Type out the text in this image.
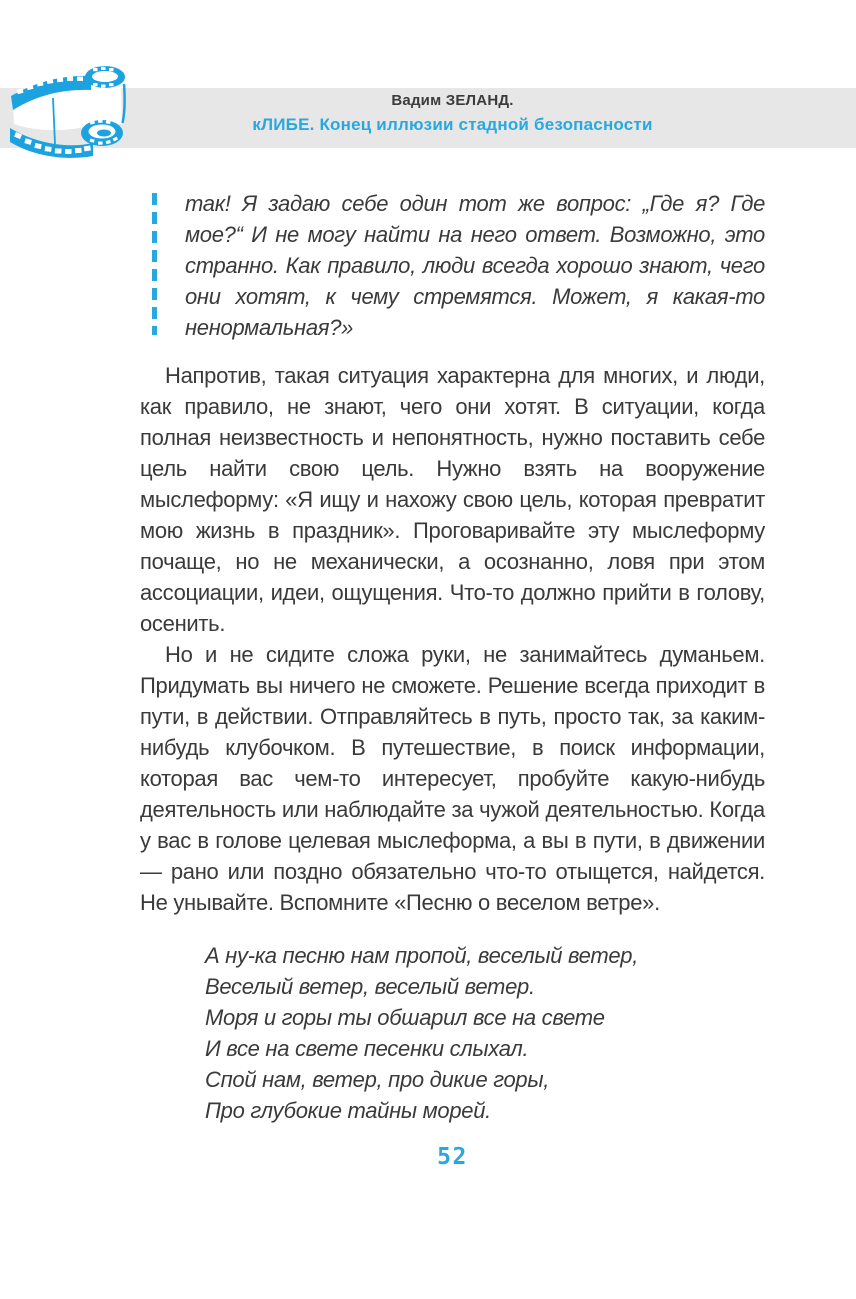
Вадим ЗЕЛАНД.
кЛИБЕ. Конец иллюзии стадной безопасности
так! Я задаю себе один тот же вопрос: „Где я? Где мое?“ И не могу найти на него ответ. Возможно, это странно. Как правило, люди всегда хорошо знают, чего они хотят, к чему стремятся. Может, я какая-то ненормальная?»

Напротив, такая ситуация характерна для многих, и люди, как правило, не знают, чего они хотят. В ситуации, когда полная неизвестность и непонятность, нужно поставить себе цель найти свою цель. Нужно взять на вооружение мыслеформу: «Я ищу и нахожу свою цель, которая превратит мою жизнь в праздник». Проговаривайте эту мыслеформу почаще, но не механически, а осознанно, ловя при этом ассоциации, идеи, ощущения. Что-то должно прийти в голову, осенить.

Но и не сидите сложа руки, не занимайтесь думаньем. Придумать вы ничего не сможете. Решение всегда приходит в пути, в действии. Отправляйтесь в путь, просто так, за каким-нибудь клубочком. В путешествие, в поиск информации, которая вас чем-то интересует, пробуйте какую-нибудь деятельность или наблюдайте за чужой деятельностью. Когда у вас в голове целевая мыслеформа, а вы в пути, в движении — рано или поздно обязательно что-то отыщется, найдется. Не унывайте. Вспомните «Песню о веселом ветре».

А ну-ка песню нам пропой, веселый ветер,
Веселый ветер, веселый ветер.
Моря и горы ты обшарил все на свете
И все на свете песенки слыхал.
Спой нам, ветер, про дикие горы,
Про глубокие тайны морей.
52
